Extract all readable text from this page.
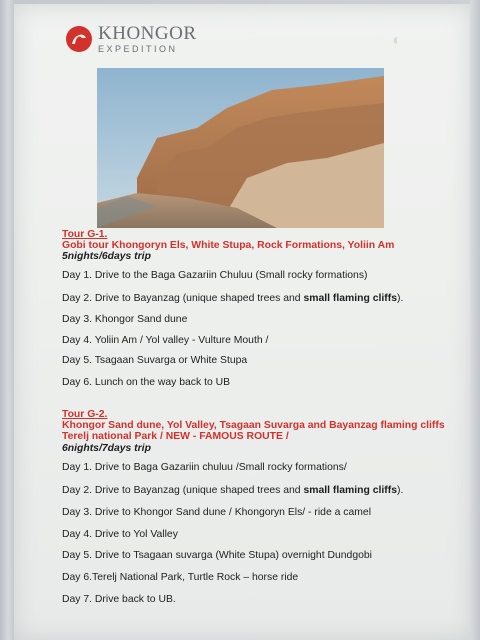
KHONGOR
EXPEDITION	◐
Tour G-1.
Gobi tour Khongoryn Els, White Stupa, Rock Formations, Yoliin Am
5nights/6days trip
Day 1. Drive to the Baga Gazariin Chuluu (Small rocky formations)
Day 2. Drive to Bayanzag (unique shaped trees and small flaming cliffs).
Day 3. Khongor Sand dune
Day 4. Yoliin Am / Yol valley - Vulture Mouth /
Day 5. Tsagaan Suvarga or White Stupa
Day 6. Lunch on the way back to UB
Tour G-2.
Khongor Sand dune, Yol Valley, Tsagaan Suvarga and Bayanzag flaming cliffs
Terelj national Park / NEW - FAMOUS ROUTE /
6nights/7days trip
Day 1. Drive to Baga Gazariin chuluu /Small rocky formations/
Day 2. Drive to Bayanzag (unique shaped trees and small flaming cliffs).
Day 3. Drive to Khongor Sand dune / Khongoryn Els/ - ride a camel
Day 4. Drive to Yol Valley
Day 5. Drive to Tsagaan suvarga (White Stupa) overnight Dundgobi
Day 6.Terelj National Park, Turtle Rock – horse ride
Day 7. Drive back to UB.
